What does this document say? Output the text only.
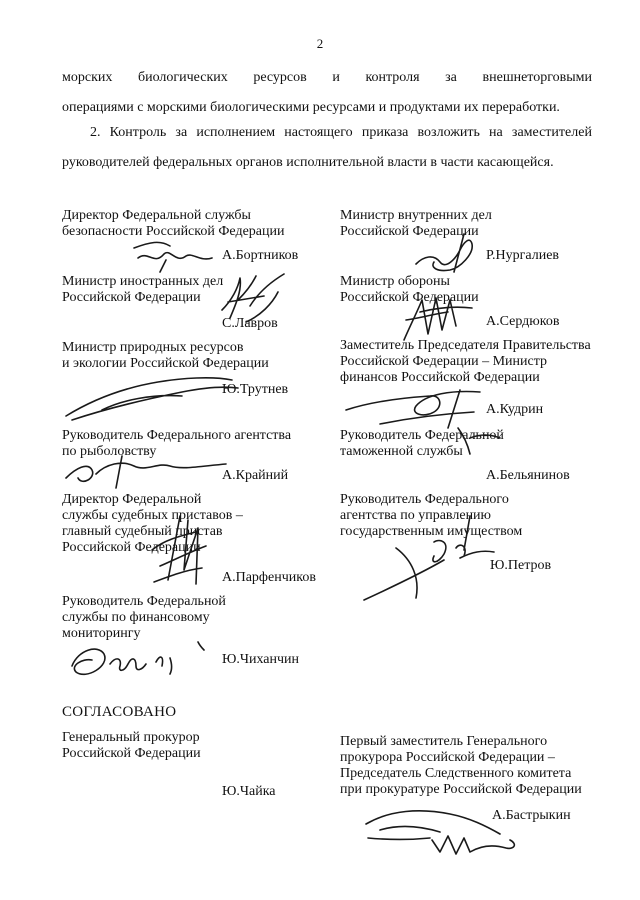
2
морских биологических ресурсов и контроля за внешнеторговыми
операциями с морскими биологическими ресурсами и продуктами их переработки.
2. Контроль за исполнением настоящего приказа возложить на заместителей
руководителей федеральных органов исполнительной власти в части касающейся.
Директор Федеральной службы
безопасности Российской Федерации
А.Бортников
Министр внутренних дел
Российской Федерации
Р.Нургалиев
Министр иностранных дел
Российской Федерации
С.Лавров
Министр обороны
Российской Федерации
А.Сердюков
Министр природных ресурсов
и экологии Российской Федерации
Ю.Трутнев
Заместитель Председателя Правительства
Российской Федерации – Министр
финансов Российской Федерации
А.Кудрин
Руководитель Федерального агентства
по рыболовству
А.Крайний
Руководитель Федеральной
таможенной службы
А.Бельянинов
Директор Федеральной
службы судебных приставов –
главный судебный пристав
Российской Федерации
А.Парфенчиков
Руководитель Федерального
агентства по управлению
государственным имуществом
Ю.Петров
Руководитель Федеральной
службы по финансовому
мониторингу
Ю.Чиханчин
СОГЛАСОВАНО
Генеральный прокурор
Российской Федерации
Ю.Чайка
Первый заместитель Генерального
прокурора Российской Федерации –
Председатель Следственного комитета
при прокуратуре Российской Федерации
А.Бастрыкин
